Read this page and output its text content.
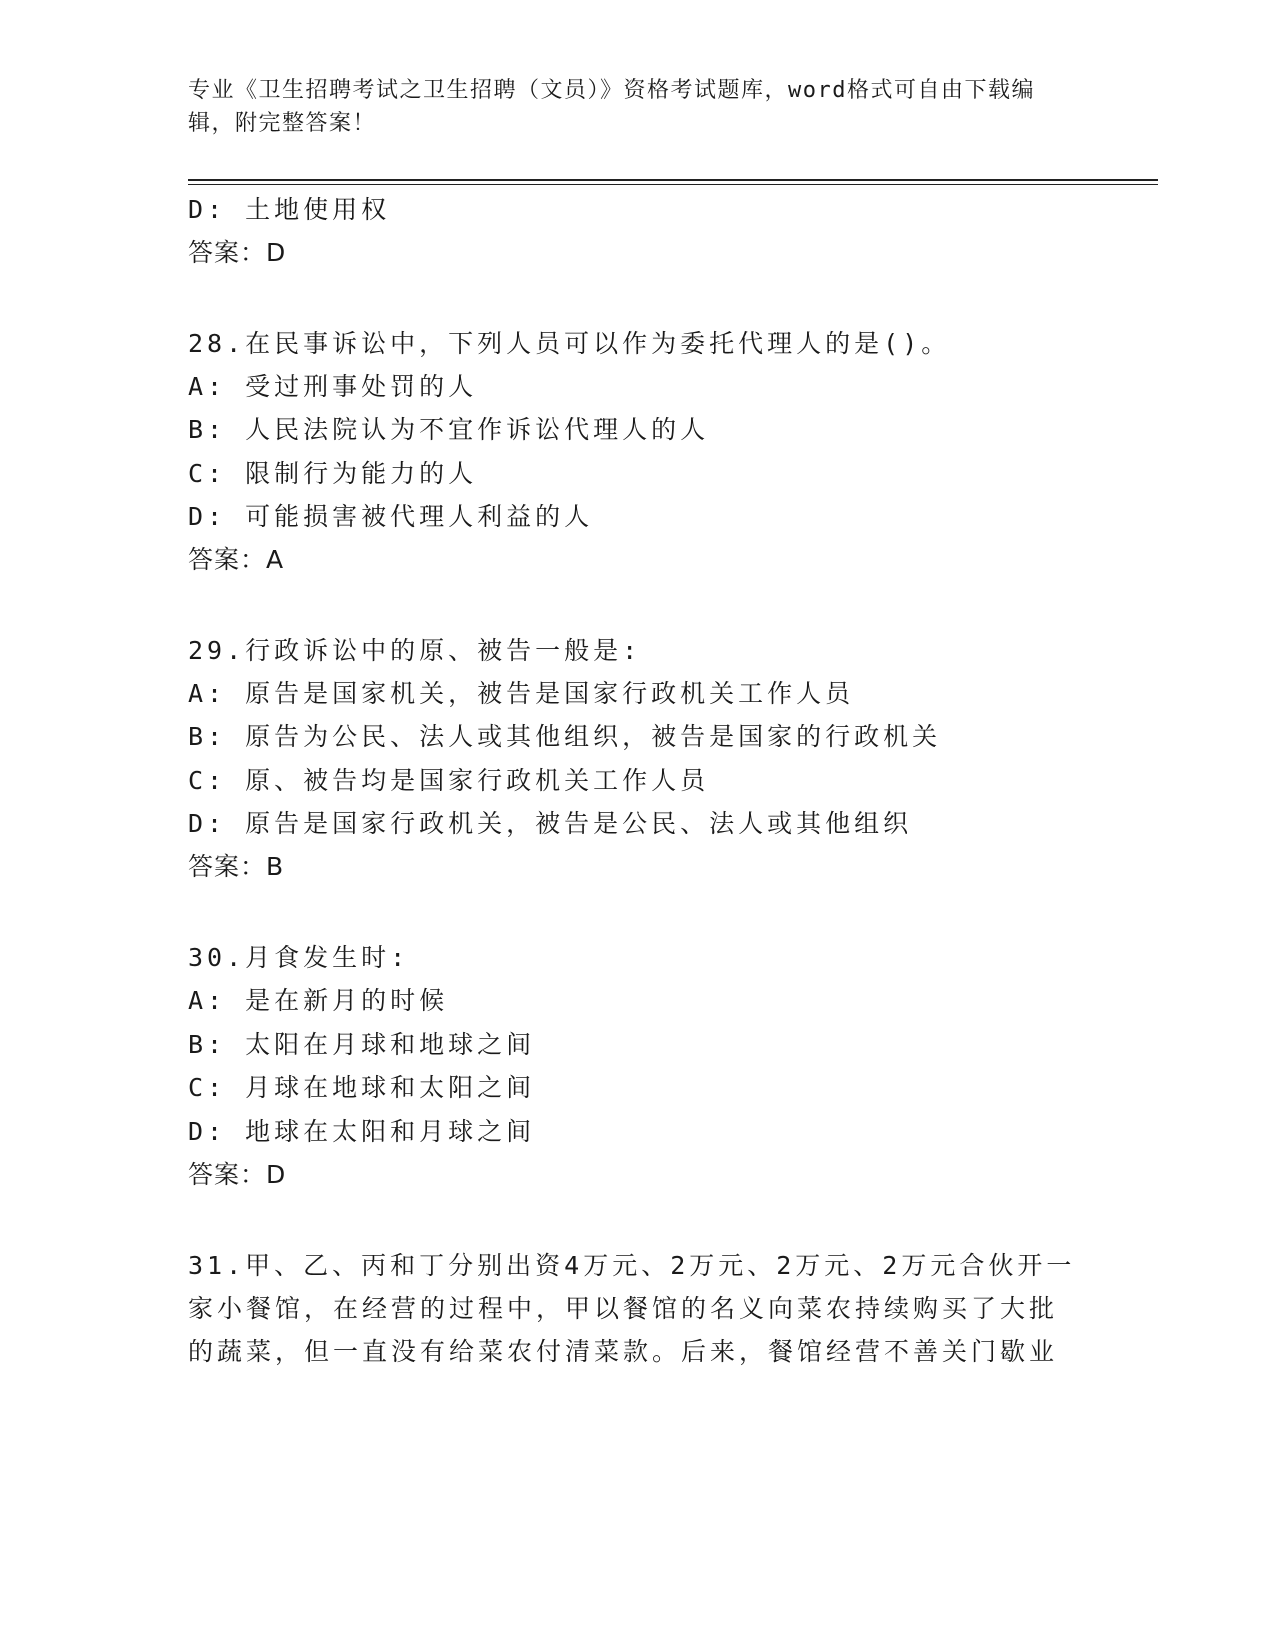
专业《卫生招聘考试之卫生招聘（文员）》资格考试题库，word格式可自由下载编辑，附完整答案！

D: 土地使用权

答案：D

28.在民事诉讼中，下列人员可以作为委托代理人的是()。

A: 受过刑事处罚的人

B: 人民法院认为不宜作诉讼代理人的人

C: 限制行为能力的人

D: 可能损害被代理人利益的人

答案：A

29.行政诉讼中的原、被告一般是:

A: 原告是国家机关，被告是国家行政机关工作人员

B: 原告为公民、法人或其他组织，被告是国家的行政机关

C: 原、被告均是国家行政机关工作人员

D: 原告是国家行政机关，被告是公民、法人或其他组织

答案：B

30.月食发生时:

A: 是在新月的时候

B: 太阳在月球和地球之间

C: 月球在地球和太阳之间

D: 地球在太阳和月球之间

答案：D

31.甲、乙、丙和丁分别出资4万元、2万元、2万元、2万元合伙开一

家小餐馆，在经营的过程中，甲以餐馆的名义向菜农持续购买了大批

的蔬菜，但一直没有给菜农付清菜款。后来，餐馆经营不善关门歇业
